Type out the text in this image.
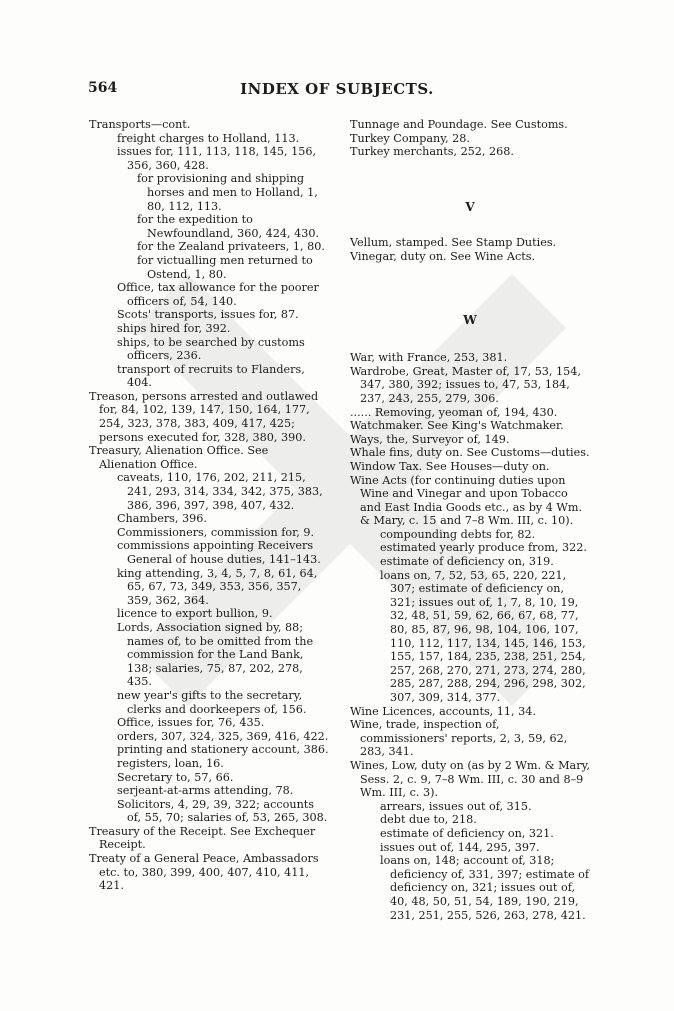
564	INDEX OF SUBJECTS.
Transports—cont.
freight charges to Holland, 113.
issues for, 111, 113, 118, 145, 156, 356, 360, 428.
for provisioning and shipping horses and men to Holland, 1, 80, 112, 113.
for the expedition to Newfoundland, 360, 424, 430.
for the Zealand privateers, 1, 80.
for victualling men returned to Ostend, 1, 80.
Office, tax allowance for the poorer officers of, 54, 140.
Scots' transports, issues for, 87.
ships hired for, 392.
ships, to be searched by customs officers, 236.
transport of recruits to Flanders, 404.
Treason, persons arrested and outlawed for, 84, 102, 139, 147, 150, 164, 177, 254, 323, 378, 383, 409, 417, 425; persons executed for, 328, 380, 390.
Treasury, Alienation Office. See Alienation Office.
caveats, 110, 176, 202, 211, 215, 241, 293, 314, 334, 342, 375, 383, 386, 396, 397, 398, 407, 432.
Chambers, 396.
Commissioners, commission for, 9.
commissions appointing Receivers General of house duties, 141–143.
king attending, 3, 4, 5, 7, 8, 61, 64, 65, 67, 73, 349, 353, 356, 357, 359, 362, 364.
licence to export bullion, 9.
Lords, Association signed by, 88; names of, to be omitted from the commission for the Land Bank, 138; salaries, 75, 87, 202, 278, 435.
new year's gifts to the secretary, clerks and doorkeepers of, 156.
Office, issues for, 76, 435.
orders, 307, 324, 325, 369, 416, 422.
printing and stationery account, 386.
registers, loan, 16.
Secretary to, 57, 66.
serjeant-at-arms attending, 78.
Solicitors, 4, 29, 39, 322; accounts of, 55, 70; salaries of, 53, 265, 308.
Treasury of the Receipt. See Exchequer Receipt.
Treaty of a General Peace, Ambassadors etc. to, 380, 399, 400, 407, 410, 411, 421.
Tunnage and Poundage. See Customs.
Turkey Company, 28.
Turkey merchants, 252, 268.
V
Vellum, stamped. See Stamp Duties.
Vinegar, duty on. See Wine Acts.
W
War, with France, 253, 381.
Wardrobe, Great, Master of, 17, 53, 154, 347, 380, 392; issues to, 47, 53, 184, 237, 243, 255, 279, 306.
...... Removing, yeoman of, 194, 430.
Watchmaker. See King's Watchmaker.
Ways, the, Surveyor of, 149.
Whale fins, duty on. See Customs—duties.
Window Tax. See Houses—duty on.
Wine Acts (for continuing duties upon Wine and Vinegar and upon Tobacco and East India Goods etc., as by 4 Wm. & Mary, c. 15 and 7–8 Wm. III, c. 10).
compounding debts for, 82.
estimated yearly produce from, 322.
estimate of deficiency on, 319.
loans on, 7, 52, 53, 65, 220, 221, 307; estimate of deficiency on, 321; issues out of, 1, 7, 8, 10, 19, 32, 48, 51, 59, 62, 66, 67, 68, 77, 80, 85, 87, 96, 98, 104, 106, 107, 110, 112, 117, 134, 145, 146, 153, 155, 157, 184, 235, 238, 251, 254, 257, 268, 270, 271, 273, 274, 280, 285, 287, 288, 294, 296, 298, 302, 307, 309, 314, 377.
Wine Licences, accounts, 11, 34.
Wine, trade, inspection of, commissioners' reports, 2, 3, 59, 62, 283, 341.
Wines, Low, duty on (as by 2 Wm. & Mary, Sess. 2, c. 9, 7–8 Wm. III, c. 30 and 8–9 Wm. III, c. 3).
arrears, issues out of, 315.
debt due to, 218.
estimate of deficiency on, 321.
issues out of, 144, 295, 397.
loans on, 148; account of, 318; deficiency of, 331, 397; estimate of deficiency on, 321; issues out of, 40, 48, 50, 51, 54, 189, 190, 219, 231, 251, 255, 526, 263, 278, 421.
